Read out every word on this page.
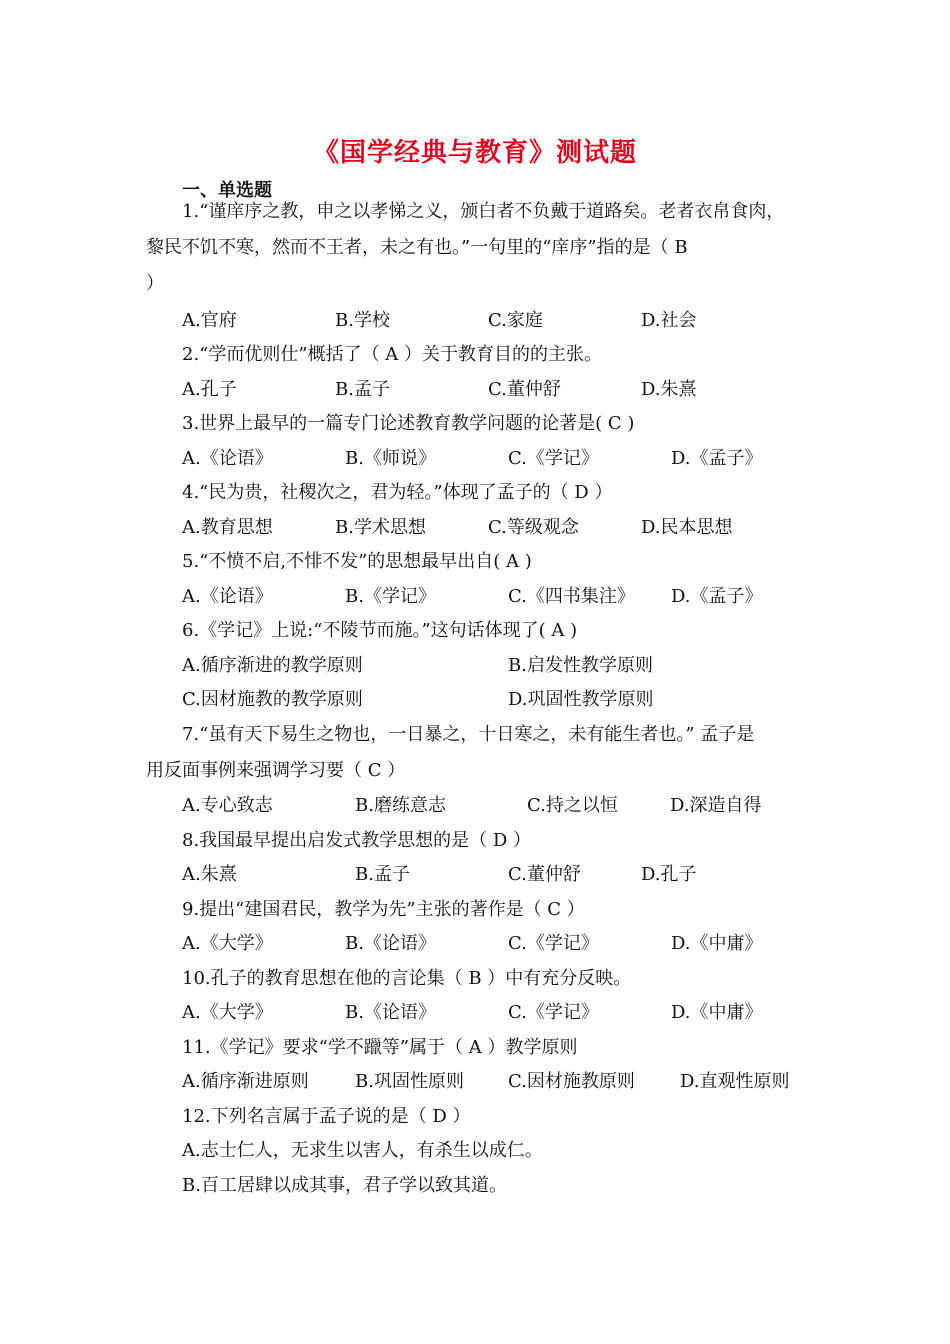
《国学经典与教育》测试题
一、单选题
1.“谨庠序之教，申之以孝悌之义，颁白者不负戴于道路矣。老者衣帛食肉，
黎民不饥不寒，然而不王者，未之有也。”一句里的“庠序”指的是（ B
）
A.官府	B.学校	C.家庭	D.社会
2.“学而优则仕”概括了（ A ）关于教育目的的主张。
A.孔子	B.孟子	C.董仲舒	D.朱熹
3.世界上最早的一篇专门论述教育教学问题的论著是( C )
A.《论语》	B.《师说》	C.《学记》	D.《孟子》
4.“民为贵，社稷次之，君为轻。”体现了孟子的（ D ）
A.教育思想	B.学术思想	C.等级观念	D.民本思想
5.“不愤不启,不悱不发”的思想最早出自( A )
A.《论语》	B.《学记》	C.《四书集注》 D.《孟子》
6.《学记》上说:“不陵节而施。”这句话体现了( A )
A.循序渐进的教学原则	B.启发性教学原则
C.因材施教的教学原则	D.巩固性教学原则
7.“虽有天下易生之物也，一日暴之，十日寒之，未有能生者也。” 孟子是
用反面事例来强调学习要（ C ）
A.专心致志	B.磨练意志	C.持之以恒	D.深造自得
8.我国最早提出启发式教学思想的是（ D ）
A.朱熹	B.孟子	C.董仲舒	D.孔子
9.提出“建国君民，教学为先”主张的著作是（ C ）
A.《大学》	B.《论语》	C.《学记》	D.《中庸》
10.孔子的教育思想在他的言论集（ B ）中有充分反映。
A.《大学》	B.《论语》	C.《学记》	D.《中庸》
11.《学记》要求“学不躐等”属于（ A ）教学原则
A.循序渐进原则	B.巩固性原则 C.因材施教原则	D.直观性原则
12.下列名言属于孟子说的是（ D ）
A.志士仁人，无求生以害人，有杀生以成仁。
B.百工居肆以成其事，君子学以致其道。
